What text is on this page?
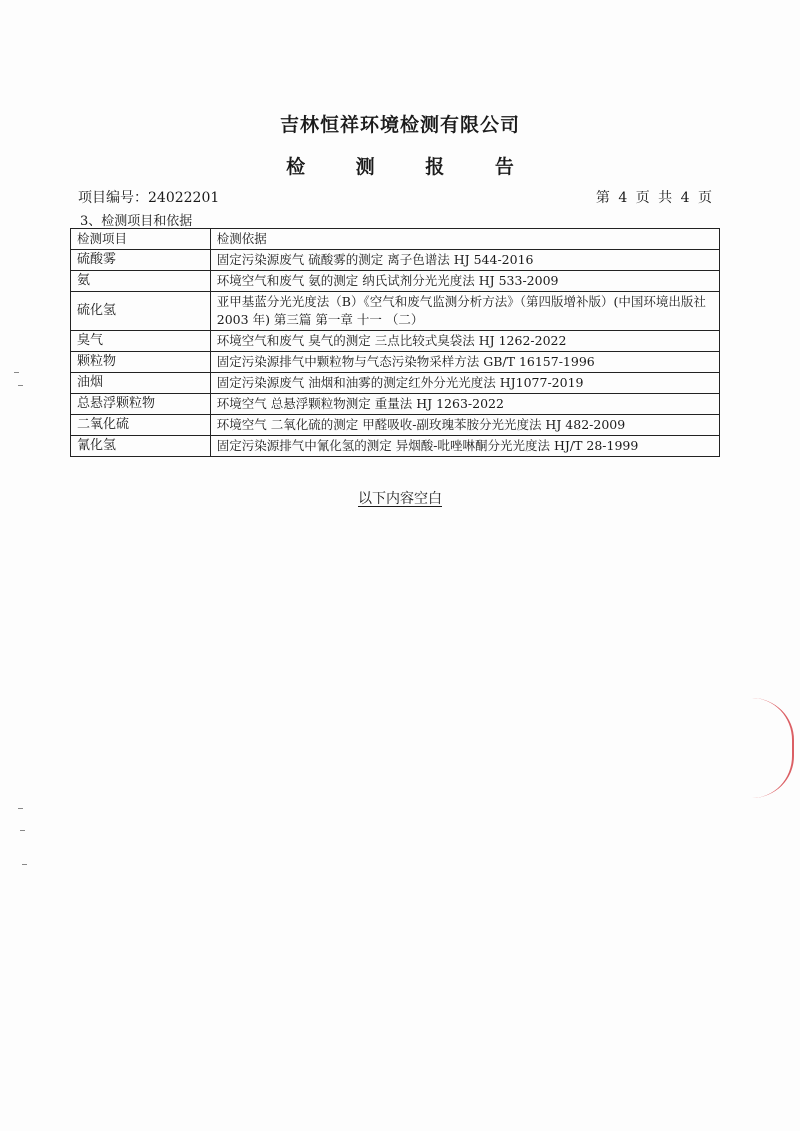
吉林恒祥环境检测有限公司
检 测 报 告
项目编号：24022201	第 4 页 共 4 页
3、检测项目和依据
检测项目	检测依据
硫酸雾	固定污染源废气 硫酸雾的测定 离子色谱法 HJ 544-2016
氨	环境空气和废气 氨的测定 纳氏试剂分光光度法 HJ 533-2009
硫化氢	亚甲基蓝分光光度法（B）《空气和废气监测分析方法》（第四版增补版）(中国环境出版社 2003 年) 第三篇 第一章 十一 （二）
臭气	环境空气和废气 臭气的测定 三点比较式臭袋法 HJ 1262-2022
颗粒物	固定污染源排气中颗粒物与气态污染物采样方法 GB/T 16157-1996
油烟	固定污染源废气 油烟和油雾的测定红外分光光度法 HJ1077-2019
总悬浮颗粒物	环境空气 总悬浮颗粒物测定 重量法 HJ 1263-2022
二氧化硫	环境空气 二氧化硫的测定 甲醛吸收-副玫瑰苯胺分光光度法 HJ 482-2009
氰化氢	固定污染源排气中氰化氢的测定 异烟酸-吡唑啉酮分光光度法 HJ/T 28-1999
以下内容空白
